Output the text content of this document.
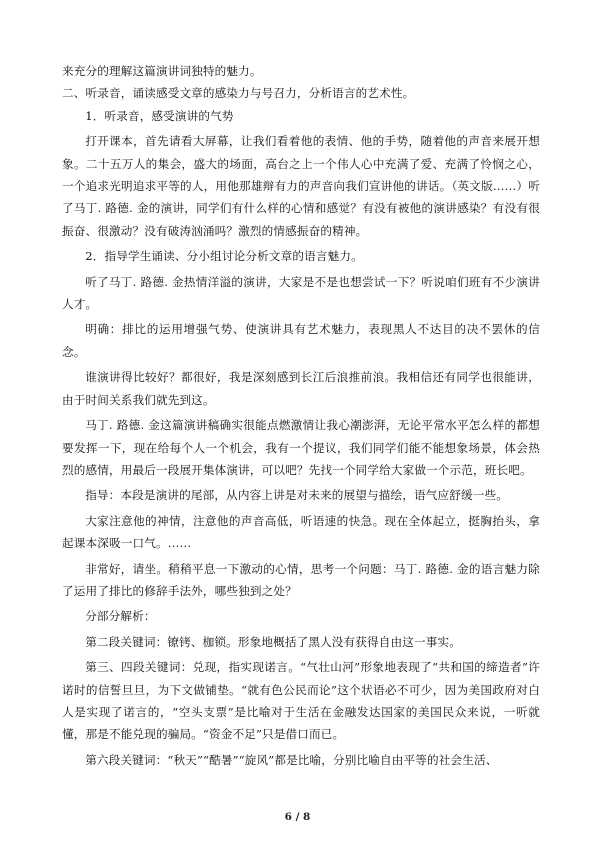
来充分的理解这篇演讲词独特的魅力。

二、听录音，诵读感受文章的感染力与号召力，分析语言的艺术性。

1．听录音，感受演讲的气势

打开课本，首先请看大屏幕，让我们看着他的表情、他的手势，随着他的声音来展开想象。二十五万人的集会，盛大的场面，高台之上一个伟人心中充满了爱、充满了怜悯之心，一个追求光明追求平等的人，用他那雄辩有力的声音向我们宣讲他的讲话。（英文版……）听了马丁. 路德. 金的演讲，同学们有什么样的心情和感觉？有没有被他的演讲感染？有没有很振奋、很激动？没有破涛汹涌吗？激烈的情感振奋的精神。

2．指导学生诵读、分小组讨论分析文章的语言魅力。

听了马丁. 路德. 金热情洋溢的演讲，大家是不是也想尝试一下？听说咱们班有不少演讲人才。

明确：排比的运用增强气势、使演讲具有艺术魅力，表现黑人不达目的决不罢休的信念。

谁演讲得比较好？都很好，我是深刻感到长江后浪推前浪。我相信还有同学也很能讲，由于时间关系我们就先到这。

马丁. 路德. 金这篇演讲稿确实很能点燃激情让我心潮澎湃，无论平常水平怎么样的都想要发挥一下，现在给每个人一个机会，我有一个提议，我们同学们能不能想象场景，体会热烈的感情，用最后一段展开集体演讲，可以吧？先找一个同学给大家做一个示范，班长吧。

指导：本段是演讲的尾部，从内容上讲是对未来的展望与描绘，语气应舒缓一些。

大家注意他的神情，注意他的声音高低，听语速的快急。现在全体起立，挺胸抬头，拿起课本深吸一口气。……

非常好，请坐。稍稍平息一下激动的心情，思考一个问题：马丁. 路德. 金的语言魅力除了运用了排比的修辞手法外，哪些独到之处？

分部分解析：

第二段关键词：镣铐、枷锁。形象地概括了黑人没有获得自由这一事实。

第三、四段关键词：兑现，指实现诺言。“气壮山河”形象地表现了“共和国的缔造者”许诺时的信誓旦旦，为下文做铺垫。“就有色公民而论”这个状语必不可少，因为美国政府对白人是实现了诺言的，“空头支票”是比喻对于生活在金融发达国家的美国民众来说，一听就懂，那是不能兑现的骗局。“资金不足”只是借口而已。

第六段关键词：“秋天”“酷暑”“旋风”都是比喻，分别比喻自由平等的社会生活、

6 / 8
